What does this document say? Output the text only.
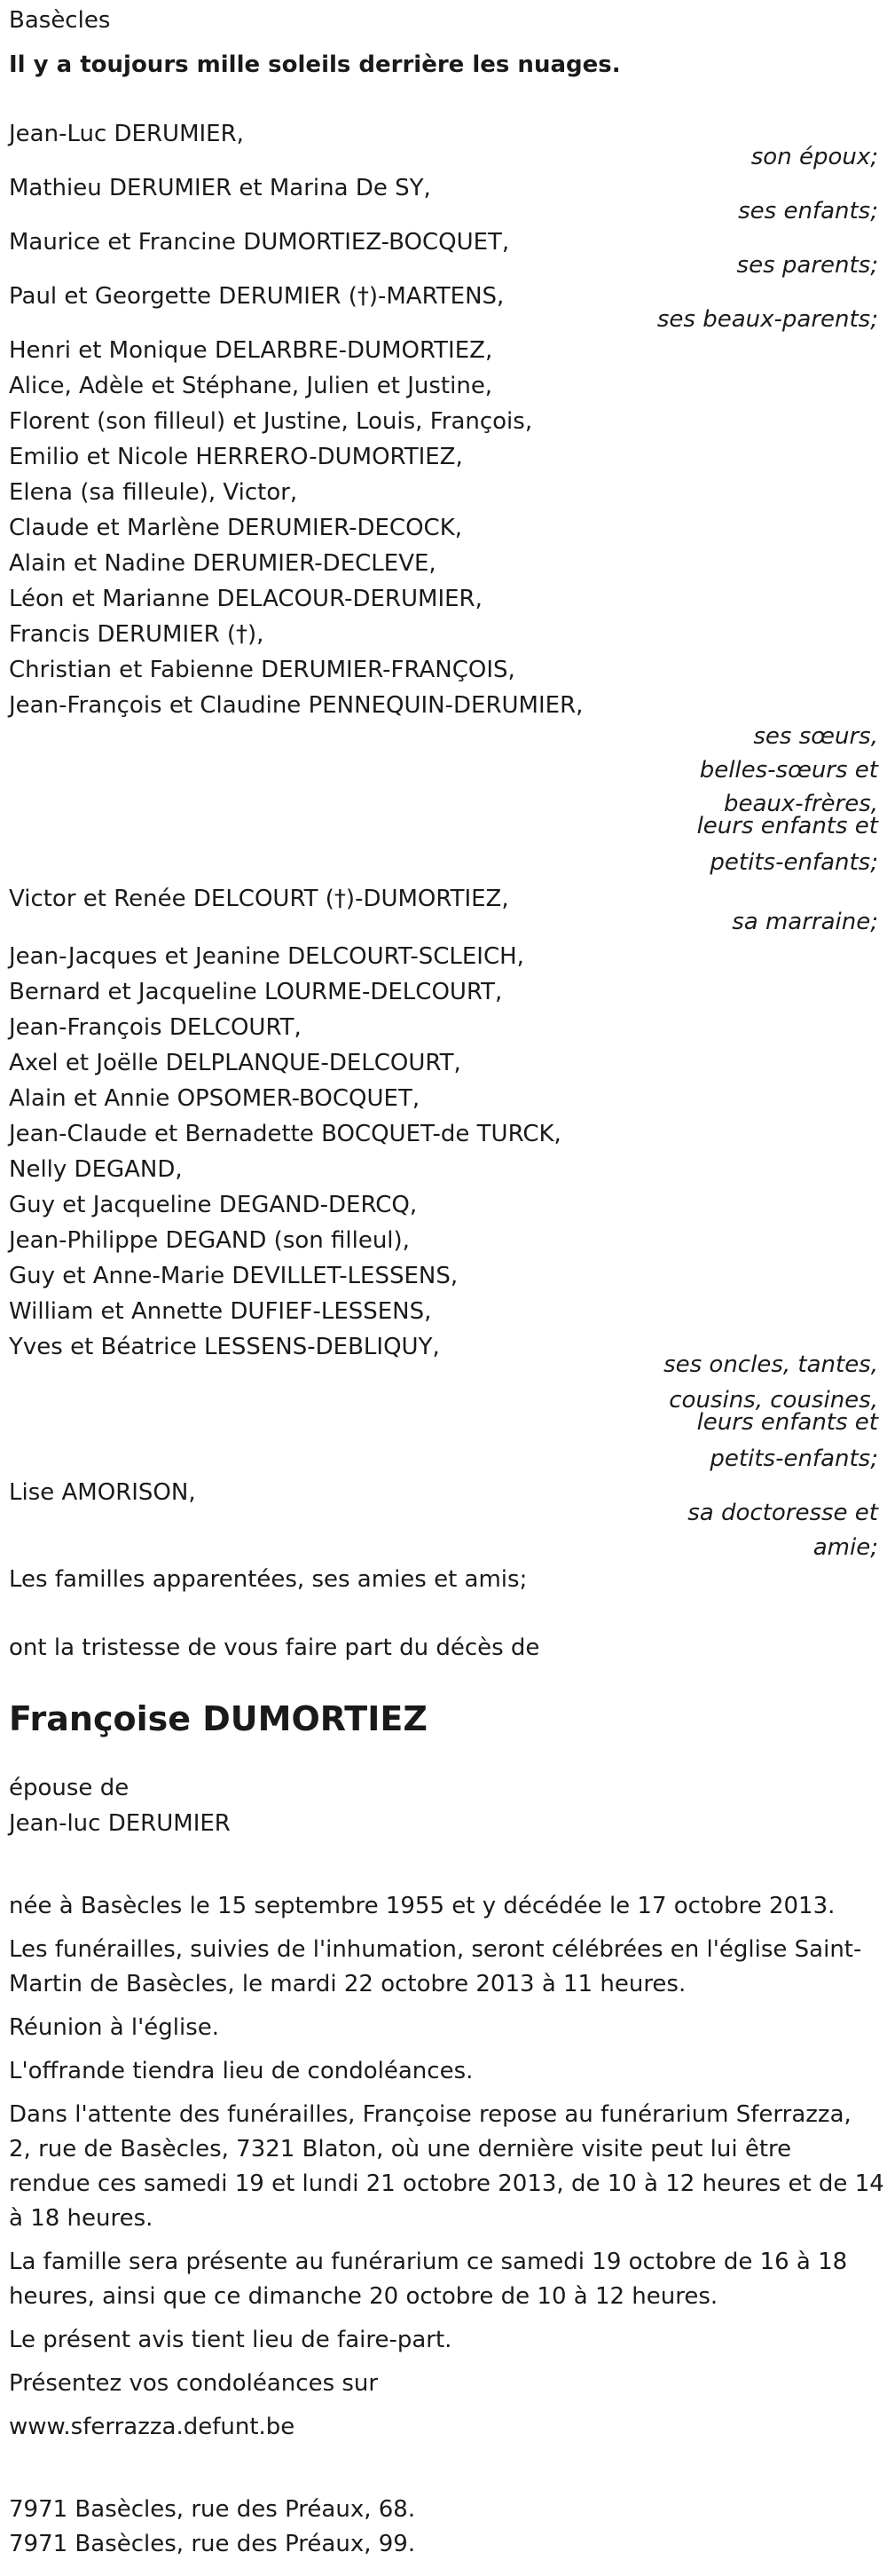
Basècles
Il y a toujours mille soleils derrière les nuages.
Jean-Luc DERUMIER,
son époux;
Mathieu DERUMIER et Marina De SY,
ses enfants;
Maurice et Francine DUMORTIEZ-BOCQUET,
ses parents;
Paul et Georgette DERUMIER (†)-MARTENS,
ses beaux-parents;
Henri et Monique DELARBRE-DUMORTIEZ,
Alice, Adèle et Stéphane, Julien et Justine,
Florent (son filleul) et Justine, Louis, François,
Emilio et Nicole HERRERO-DUMORTIEZ,
Elena (sa filleule), Victor,
Claude et Marlène DERUMIER-DECOCK,
Alain et Nadine DERUMIER-DECLEVE,
Léon et Marianne DELACOUR-DERUMIER,
Francis DERUMIER (†),
Christian et Fabienne DERUMIER-FRANÇOIS,
Jean-François et Claudine PENNEQUIN-DERUMIER,
ses sœurs,
belles-sœurs et
beaux-frères,
leurs enfants et
petits-enfants;
Victor et Renée DELCOURT (†)-DUMORTIEZ,
sa marraine;
Jean-Jacques et Jeanine DELCOURT-SCLEICH,
Bernard et Jacqueline LOURME-DELCOURT,
Jean-François DELCOURT,
Axel et Joëlle DELPLANQUE-DELCOURT,
Alain et Annie OPSOMER-BOCQUET,
Jean-Claude et Bernadette BOCQUET-de TURCK,
Nelly DEGAND,
Guy et Jacqueline DEGAND-DERCQ,
Jean-Philippe DEGAND (son filleul),
Guy et Anne-Marie DEVILLET-LESSENS,
William et Annette DUFIEF-LESSENS,
Yves et Béatrice LESSENS-DEBLIQUY,
ses oncles, tantes,
cousins, cousines,
leurs enfants et
petits-enfants;
Lise AMORISON,
sa doctoresse et
amie;
Les familles apparentées, ses amies et amis;
ont la tristesse de vous faire part du décès de
Françoise DUMORTIEZ
épouse de
Jean-luc DERUMIER
née à Basècles le 15 septembre 1955 et y décédée le 17 octobre 2013.
Les funérailles, suivies de l'inhumation, seront célébrées en l'église Saint-
Martin de Basècles, le mardi 22 octobre 2013 à 11 heures.
Réunion à l'église.
L'offrande tiendra lieu de condoléances.
Dans l'attente des funérailles, Françoise repose au funérarium Sferrazza,
2, rue de Basècles, 7321 Blaton, où une dernière visite peut lui être
rendue ces samedi 19 et lundi 21 octobre 2013, de 10 à 12 heures et de 14
à 18 heures.
La famille sera présente au funérarium ce samedi 19 octobre de 16 à 18
heures, ainsi que ce dimanche 20 octobre de 10 à 12 heures.
Le présent avis tient lieu de faire-part.
Présentez vos condoléances sur
www.sferrazza.defunt.be
7971 Basècles, rue des Préaux, 68.
7971 Basècles, rue des Préaux, 99.
